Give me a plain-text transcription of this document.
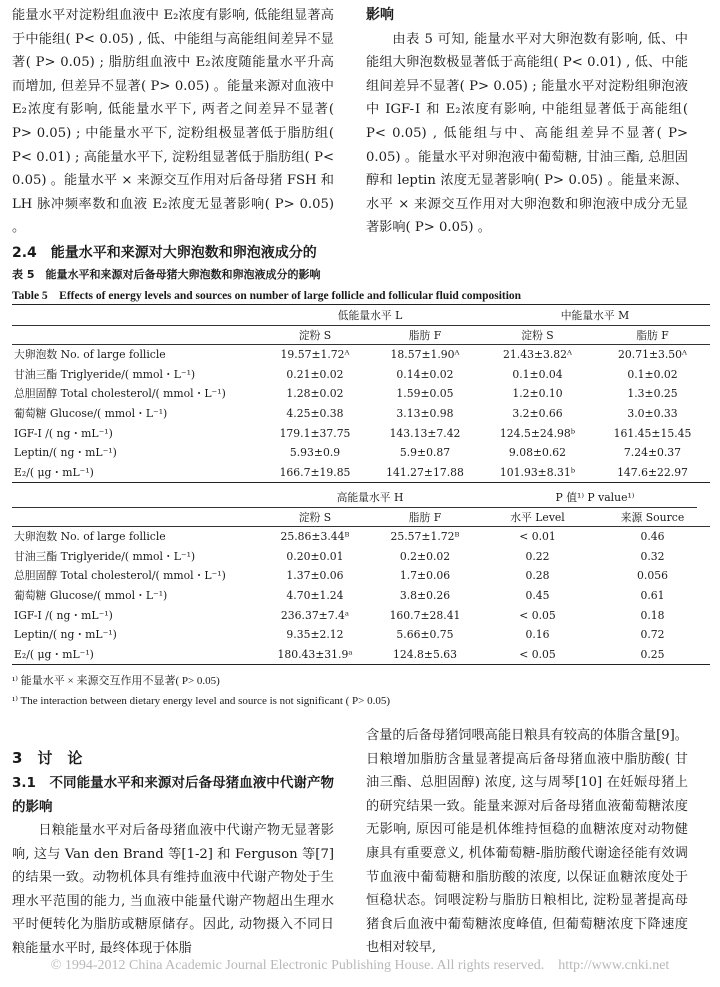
能量水平对淀粉组血液中 E₂浓度有影响, 低能组显著高于中能组( P< 0.05) , 低、中能组与高能组间差异不显著( P> 0.05) ; 脂肪组血液中 E₂浓度随能量水平升高而增加, 但差异不显著( P> 0.05) 。能量来源对血液中 E₂浓度有影响, 低能量水平下, 两者之间差异不显著( P> 0.05) ; 中能量水平下, 淀粉组极显著低于脂肪组( P< 0.01) ; 高能量水平下, 淀粉组显著低于脂肪组( P< 0.05) 。能量水平 × 来源交互作用对后备母猪 FSH 和 LH 脉冲频率数和血液 E₂浓度无显著影响( P> 0.05) 。

2.4　能量水平和来源对大卵泡数和卵泡液成分的

影响

由表 5 可知, 能量水平对大卵泡数有影响, 低、中能组大卵泡数极显著低于高能组( P< 0.01) , 低、中能组间差异不显著( P> 0.05) ; 能量水平对淀粉组卵泡液中 IGF-Ⅰ 和 E₂浓度有影响, 中能组显著低于高能组( P< 0.05) , 低能组与中、高能组差异不显著( P> 0.05) 。能量水平对卵泡液中葡萄糖, 甘油三酯, 总胆固醇和 leptin 浓度无显著影响( P> 0.05) 。能量来源、水平 × 来源交互作用对大卵泡数和卵泡液中成分无显著影响( P> 0.05) 。

表 5　能量水平和来源对后备母猪大卵泡数和卵泡液成分的影响
Table 5　Effects of energy levels and sources on number of large follicle and follicular fluid composition
	低能量水平 L		中能量水平 M	
	淀粉 S	脂肪 F	淀粉 S	脂肪 F
大卵泡数 No. of large follicle	19.57±1.72ᴬ	18.57±1.90ᴬ	21.43±3.82ᴬ	20.71±3.50ᴬ
甘油三酯 Triglyeride/( mmol・L⁻¹)	0.21±0.02	0.14±0.02	0.1±0.04	0.1±0.02
总胆固醇 Total cholesterol/( mmol・L⁻¹)	1.28±0.02	1.59±0.05	1.2±0.10	1.3±0.25
葡萄糖 Glucose/( mmol・L⁻¹)	4.25±0.38	3.13±0.98	3.2±0.66	3.0±0.33
IGF-Ⅰ /( ng・mL⁻¹)	179.1±37.75	143.13±7.42	124.5±24.98ᵇ	161.45±15.45
Leptin/( ng・mL⁻¹)	5.93±0.9	5.9±0.87	9.08±0.62	7.24±0.37
E₂/( μg・mL⁻¹)	166.7±19.85	141.27±17.88	101.93±8.31ᵇ	147.6±22.97
	高能量水平 H		P 值¹⁾ P value¹⁾	
	淀粉 S	脂肪 F	水平 Level	来源 Source
大卵泡数 No. of large follicle	25.86±3.44ᴮ	25.57±1.72ᴮ	< 0.01	0.46
甘油三酯 Triglyeride/( mmol・L⁻¹)	0.20±0.01	0.2±0.02	0.22	0.32
总胆固醇 Total cholesterol/( mmol・L⁻¹)	1.37±0.06	1.7±0.06	0.28	0.056
葡萄糖 Glucose/( mmol・L⁻¹)	4.70±1.24	3.8±0.26	0.45	0.61
IGF-Ⅰ /( ng・mL⁻¹)	236.37±7.4ᵃ	160.7±28.41	< 0.05	0.18
Leptin/( ng・mL⁻¹)	9.35±2.12	5.66±0.75	0.16	0.72
E₂/( μg・mL⁻¹)	180.43±31.9ᵃ	124.8±5.63	< 0.05	0.25
¹⁾ 能量水平 × 来源交互作用不显著( P> 0.05)
¹⁾ The interaction between dietary energy level and source is not significant ( P> 0.05)

3　讨　论

3.1　不同能量水平和来源对后备母猪血液中代谢产物的影响

日粮能量水平对后备母猪血液中代谢产物无显著影响, 这与 Van den Brand 等[1-2] 和 Ferguson 等[7] 的结果一致。动物机体具有维持血液中代谢产物处于生理水平范围的能力, 当血液中能量代谢产物超出生理水平时便转化为脂肪或糖原储存。因此, 动物摄入不同日粮能量水平时, 最终体现于体脂

含量的后备母猪饲喂高能日粮具有较高的体脂含量[9]。日粮增加脂肪含量显著提高后备母猪血液中脂肪酸( 甘油三酯、总胆固醇) 浓度, 这与周琴[10] 在妊娠母猪上的研究结果一致。能量来源对后备母猪血液葡萄糖浓度无影响, 原因可能是机体维持恒稳的血糖浓度对动物健康具有重要意义, 机体葡萄糖-脂肪酸代谢途径能有效调节血液中葡萄糖和脂肪酸的浓度, 以保证血糖浓度处于恒稳状态。饲喂淀粉与脂肪日粮相比, 淀粉显著提高母猪食后血液中葡萄糖浓度峰值, 但葡萄糖浓度下降速度也相对较早,

© 1994-2012 China Academic Journal Electronic Publishing House. All rights reserved.　http://www.cnki.net
